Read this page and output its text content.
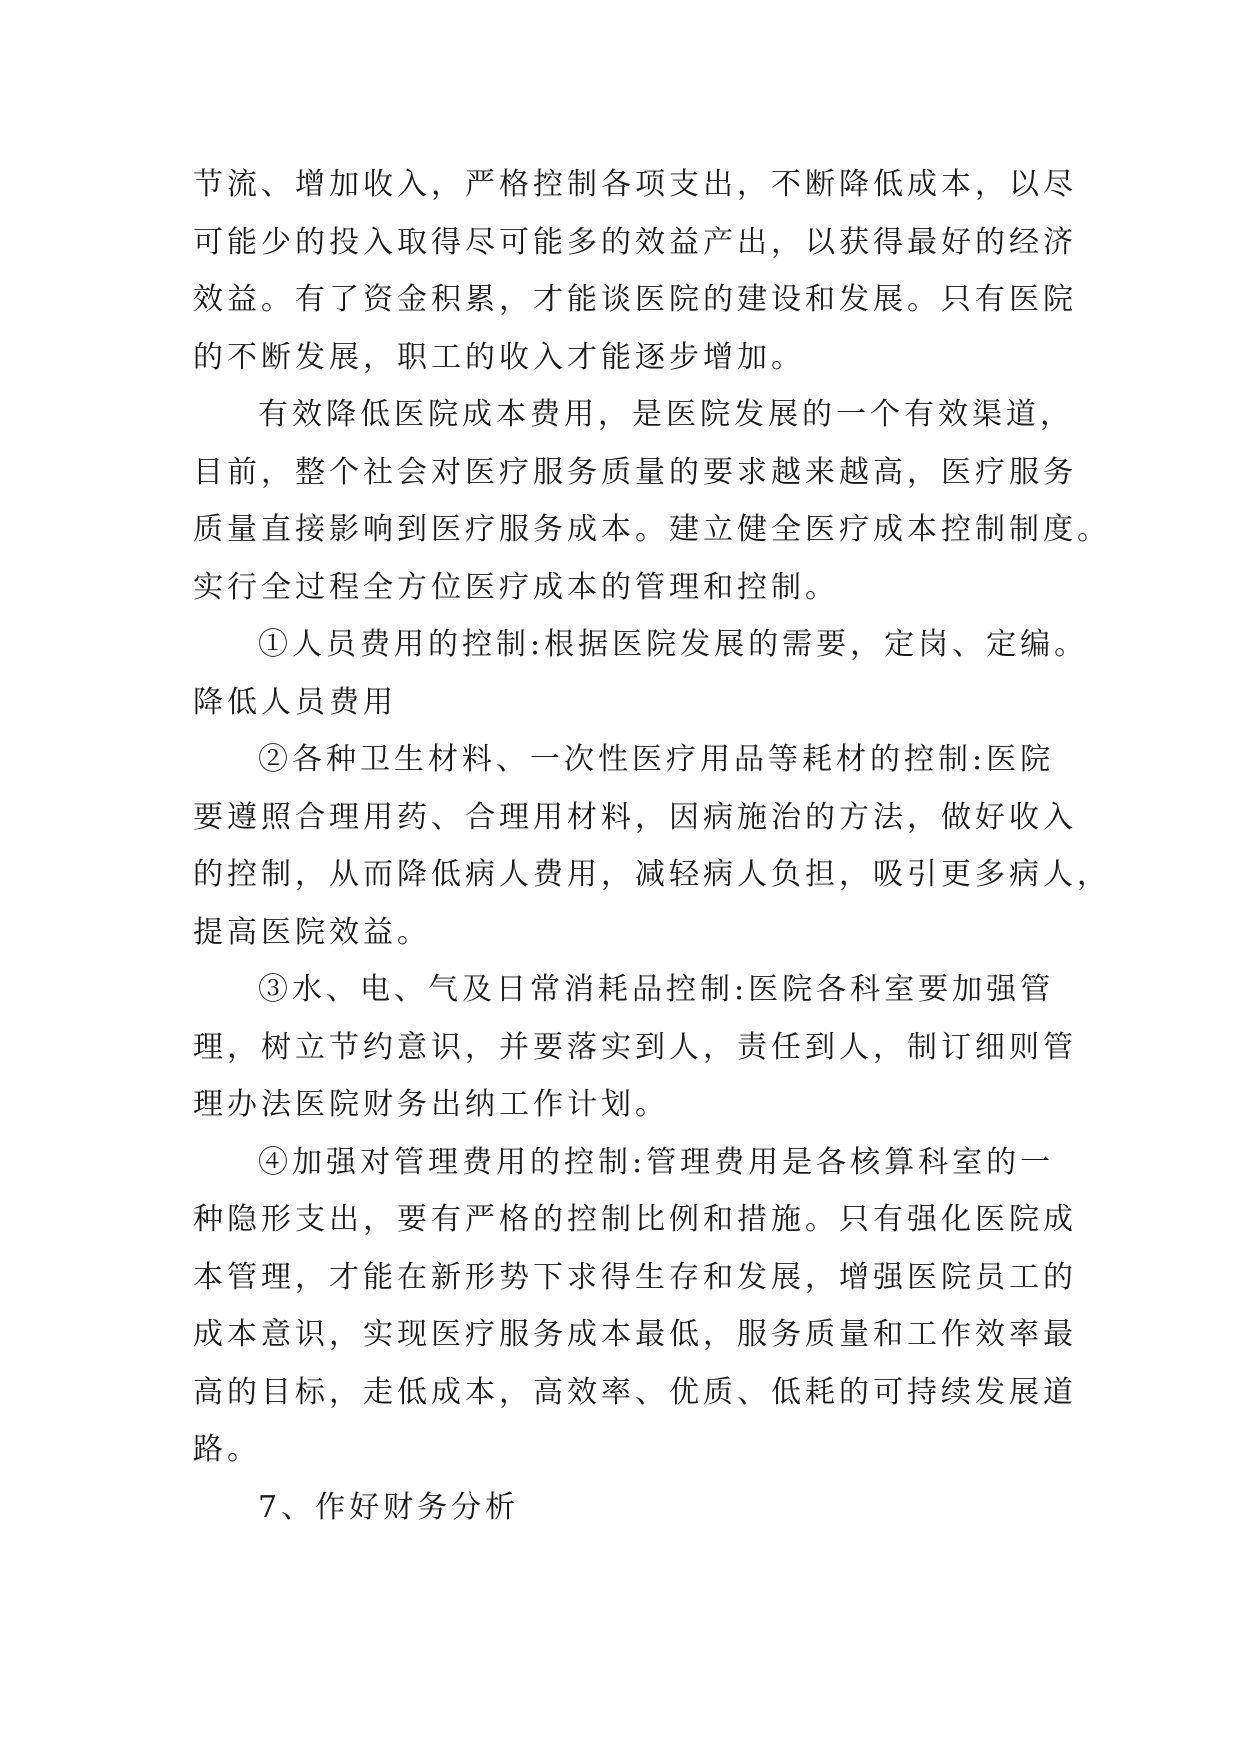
节流、增加收入，严格控制各项支出，不断降低成本，以尽
可能少的投入取得尽可能多的效益产出，以获得最好的经济
效益。有了资金积累，才能谈医院的建设和发展。只有医院
的不断发展，职工的收入才能逐步增加。
有效降低医院成本费用，是医院发展的一个有效渠道，
目前，整个社会对医疗服务质量的要求越来越高，医疗服务
质量直接影响到医疗服务成本。建立健全医疗成本控制制度。
实行全过程全方位医疗成本的管理和控制。
①人员费用的控制:根据医院发展的需要，定岗、定编。
降低人员费用
②各种卫生材料、一次性医疗用品等耗材的控制:医院
要遵照合理用药、合理用材料，因病施治的方法，做好收入
的控制，从而降低病人费用，减轻病人负担，吸引更多病人，
提高医院效益。
③水、电、气及日常消耗品控制:医院各科室要加强管
理，树立节约意识，并要落实到人，责任到人，制订细则管
理办法医院财务出纳工作计划。
④加强对管理费用的控制:管理费用是各核算科室的一
种隐形支出，要有严格的控制比例和措施。只有强化医院成
本管理，才能在新形势下求得生存和发展，增强医院员工的
成本意识，实现医疗服务成本最低，服务质量和工作效率最
高的目标，走低成本，高效率、优质、低耗的可持续发展道
路。
7、作好财务分析
